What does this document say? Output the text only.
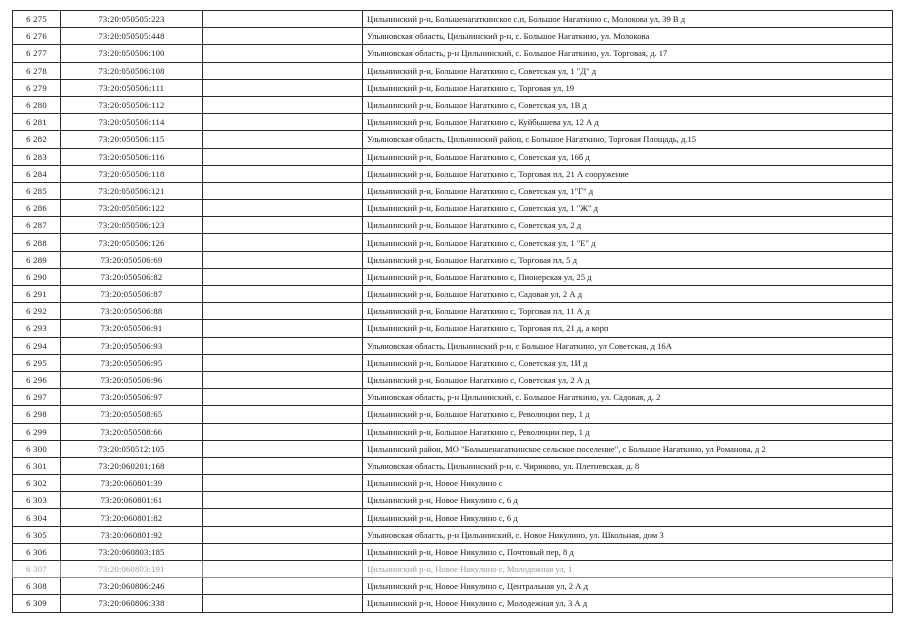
6 275	73:20:050505:223		Цильнинский р-н, Большенагаткинское с.п, Большое Нагаткино с, Молокова ул, 39 В д
6 276	73:20:050505:448		Ульяновская область, Цильнинский р-н, с. Большое Нагаткино, ул. Молокова
6 277	73:20:050506:100		Ульяновская область, р-н Цильнинский, с. Большое Нагаткино, ул. Торговая, д. 17
6 278	73:20:050506:108		Цильнинский р-н, Большое Нагаткино с, Советская ул, 1 "Д" д
6 279	73:20:050506:111		Цильнинский р-н, Большое Нагаткино с, Торговая ул, 19
6 280	73:20:050506:112		Цильнинский р-н, Большое Нагаткино с, Советская ул, 1В д
6 281	73:20:050506:114		Цильнинский р-н, Большое Нагаткино с, Куйбышева ул, 12 А д
6 282	73:20:050506:115		Ульяновская область, Цильнинский район, с Большое Нагаткино, Торговая Площадь, д.15
6 283	73:20:050506:116		Цильнинский р-н, Большое Нагаткино с, Советская ул, 16б д
6 284	73:20:050506:118		Цильнинский р-н, Большое Нагаткино с, Торговая пл, 21 А сооружение
6 285	73:20:050506:121		Цильнинский р-н, Большое Нагаткино с, Советская ул, 1"Г" д
6 286	73:20:050506:122		Цильнинский р-н, Большое Нагаткино с, Советская ул, 1 "Ж" д
6 287	73:20:050506:123		Цильнинский р-н, Большое Нагаткино с, Советская ул, 2 д
6 288	73:20:050506:126		Цильнинский р-н, Большое Нагаткино с, Советская ул, 1 "Е" д
6 289	73:20:050506:69		Цильнинский р-н, Большое Нагаткино с, Торговая пл, 5 д
6 290	73:20:050506:82		Цильнинский р-н, Большое Нагаткино с, Пионерская ул, 25 д
6 291	73:20:050506:87		Цильнинский р-н, Большое Нагаткино с, Садовая ул, 2 А д
6 292	73:20:050506:88		Цильнинский р-н, Большое Нагаткино с, Торговая пл, 11 А д
6 293	73:20:050506:91		Цильнинский р-н, Большое Нагаткино с, Торговая пл, 21 д, а корп
6 294	73:20:050506:93		Ульяновская область, Цильнинский р-н, с Большое Нагаткино, ул Советская, д 16А
6 295	73:20:050506:95		Цильнинский р-н, Большое Нагаткино с, Советская ул, 1И д
6 296	73:20:050506:96		Цильнинский р-н, Большое Нагаткино с, Советская ул, 2 А д
6 297	73:20:050506:97		Ульяновская область, р-н Цильнинский, с. Большое Нагаткино, ул. Садовая, д. 2
6 298	73:20:050508:65		Цильнинский р-н, Большое Нагаткино с, Революции пер, 1 д
6 299	73:20:050508:66		Цильнинский р-н, Большое Нагаткино с, Революции пер, 1 д
6 300	73:20:050512:105		Цильнинский район, МО "Большенагаткинское сельское поселение", с Большое Нагаткино, ул Романова, д 2
6 301	73:20:060201:168		Ульяновская область, Цильнинский р-н, с. Чириково, ул. Плетневская, д. 8
6 302	73:20:060801:39		Цильнинский р-н, Новое Никулино с
6 303	73:20:060801:61		Цильнинский р-н, Новое Никулино с, 6 д
6 304	73:20:060801:82		Цильнинский р-н, Новое Никулино с, 6 д
6 305	73:20:060801:92		Ульяновская область, р-н Цильнинский, с. Новое Никулино, ул. Школьная, дом 3
6 306	73:20:060803:185		Цильнинский р-н, Новое Никулино с, Почтовый пер, 8 д
6 307	73:20:060803:191		Цильнинский р-н, Новое Никулино с, Молодежная ул, 1
6 308	73:20:060806:246		Цильнинский р-н, Новое Никулино с, Центральная ул, 2 А д
6 309	73:20:060806:338		Цильнинский р-н, Новое Никулино с, Молодежная ул, 3 А д
